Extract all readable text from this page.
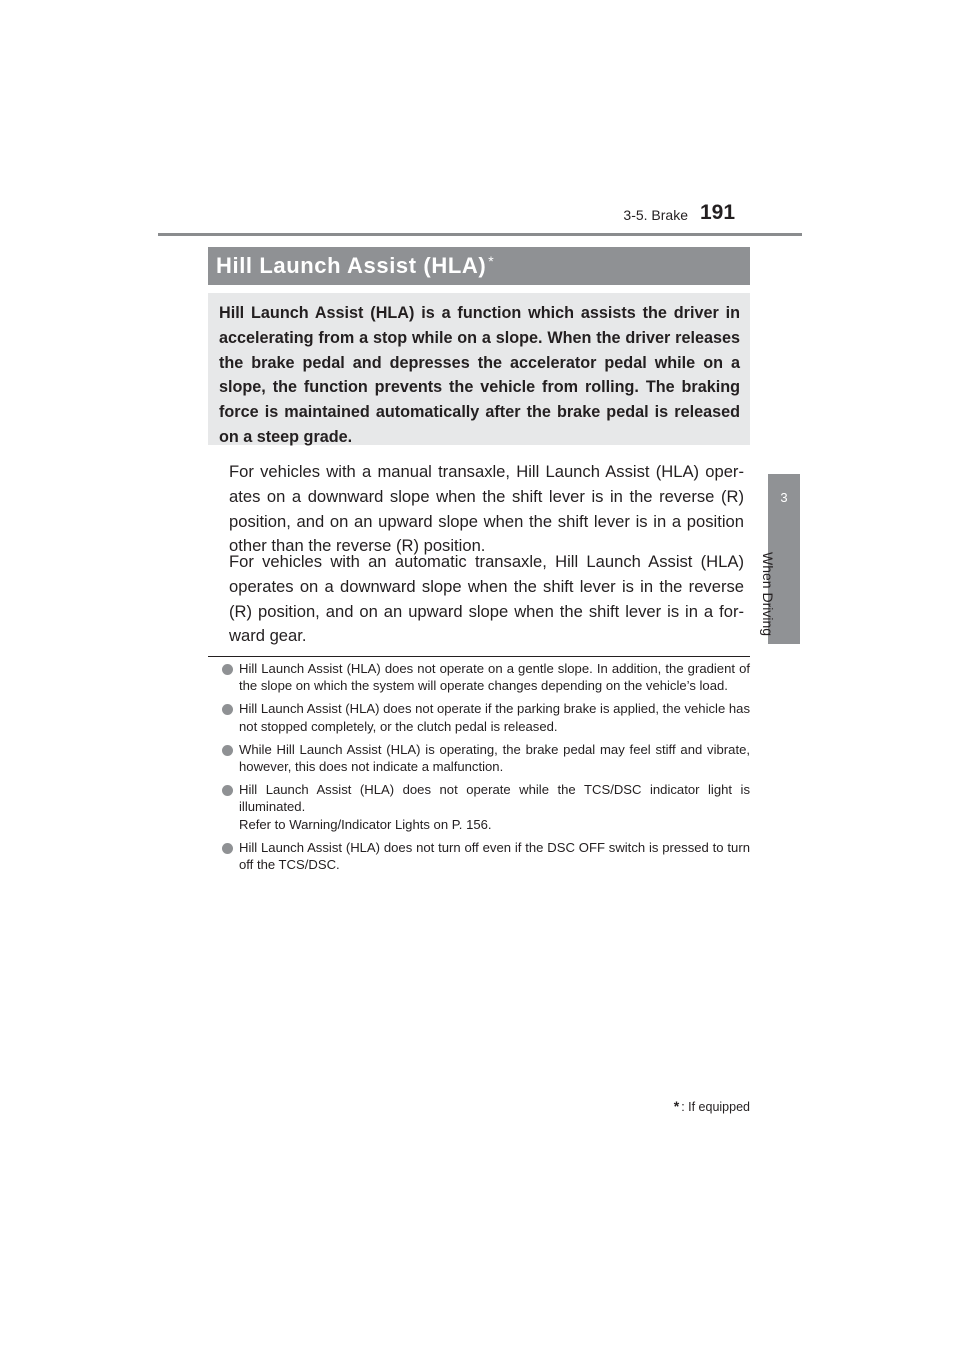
3-5. Brake 191
3
When Driving
Hill Launch Assist (HLA) *
Hill Launch Assist (HLA) is a function which assists the driver in accelerating from a stop while on a slope. When the driver releases the brake pedal and depresses the accelerator pedal while on a slope, the function prevents the vehicle from rolling. The braking force is maintained automatically after the brake pedal is released on a steep grade.
For vehicles with a manual transaxle, Hill Launch Assist (HLA) oper-ates on a downward slope when the shift lever is in the reverse (R) position, and on an upward slope when the shift lever is in a position other than the reverse (R) position.
For vehicles with an automatic transaxle, Hill Launch Assist (HLA) operates on a downward slope when the shift lever is in the reverse (R) position, and on an upward slope when the shift lever is in a for-ward gear.
Hill Launch Assist (HLA) does not operate on a gentle slope. In addition, the gradient of the slope on which the system will operate changes depending on the vehicle’s load.
Hill Launch Assist (HLA) does not operate if the parking brake is applied, the vehicle has not stopped completely, or the clutch pedal is released.
While Hill Launch Assist (HLA) is operating, the brake pedal may feel stiff and vibrate, however, this does not indicate a malfunction.
Hill Launch Assist (HLA) does not operate while the TCS/DSC indicator light is illuminated.
Refer to Warning/Indicator Lights on P. 156.
Hill Launch Assist (HLA) does not turn off even if the DSC OFF switch is pressed to turn off the TCS/DSC.
* : If equipped
